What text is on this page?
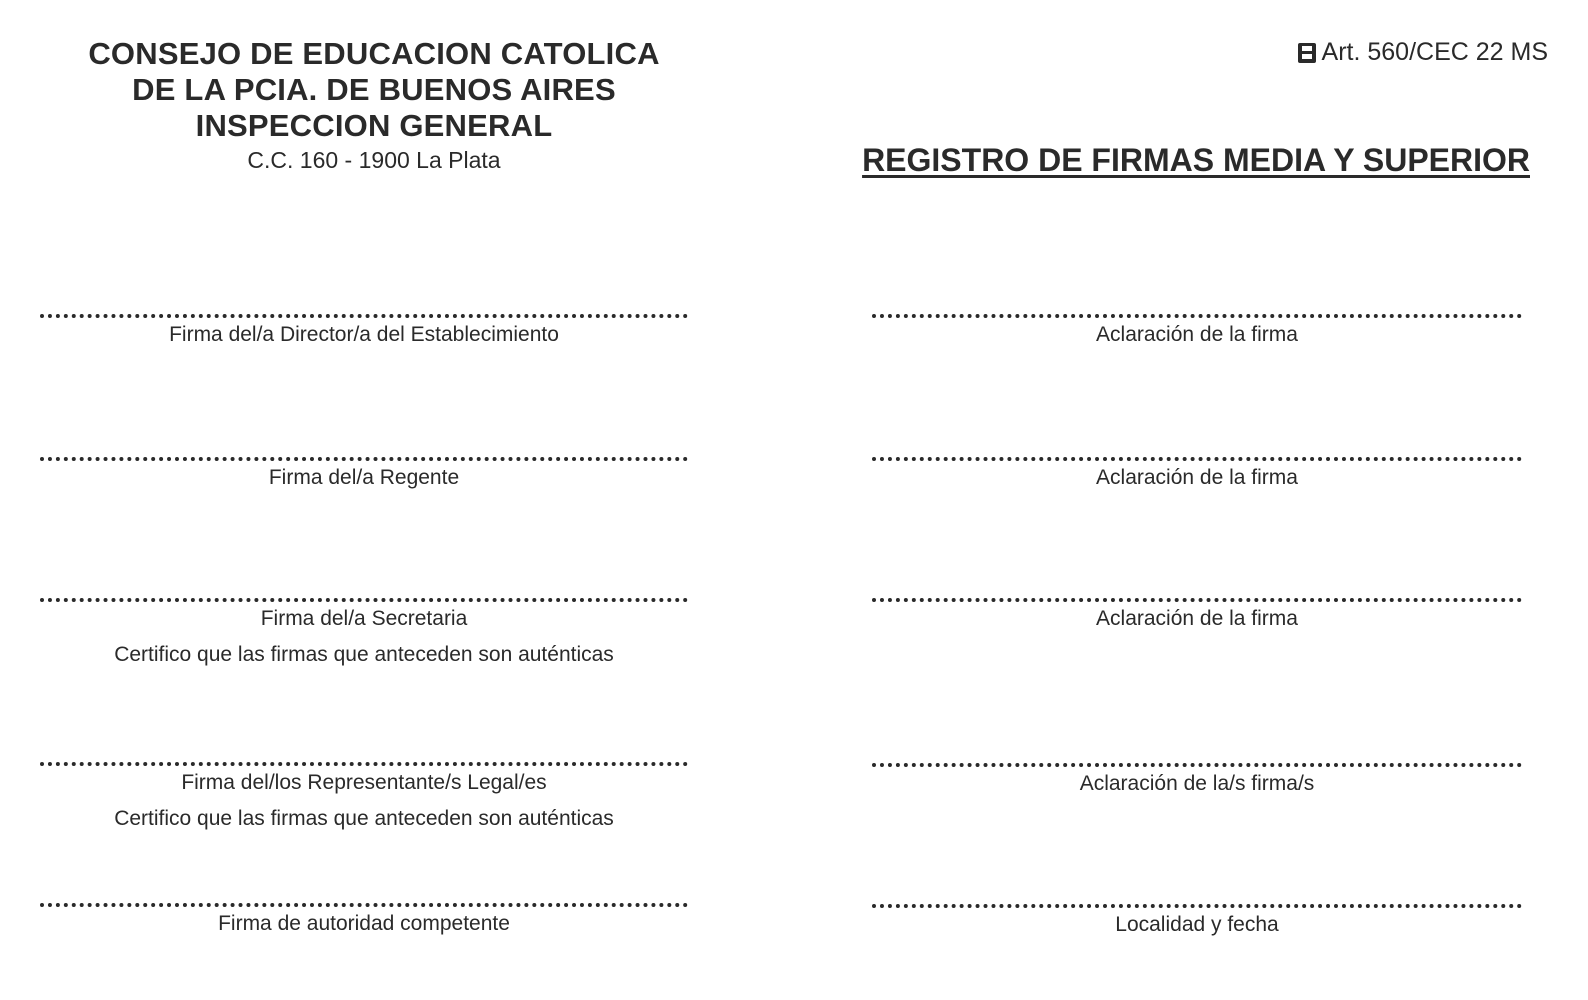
CONSEJO DE EDUCACION CATOLICA
DE LA PCIA. DE BUENOS AIRES
INSPECCION GENERAL
C.C. 160 - 1900 La Plata
Art. 560/CEC 22 MS
REGISTRO DE FIRMAS MEDIA Y SUPERIOR
Firma del/a Director/a del Establecimiento
Firma del/a Regente
Firma del/a Secretaria
Certifico que las firmas que anteceden son auténticas
Firma del/los Representante/s Legal/es
Certifico que las firmas que anteceden son auténticas
Firma de autoridad competente
Aclaración de la firma
Aclaración de la firma
Aclaración de la firma
Aclaración de la/s firma/s
Localidad y fecha
